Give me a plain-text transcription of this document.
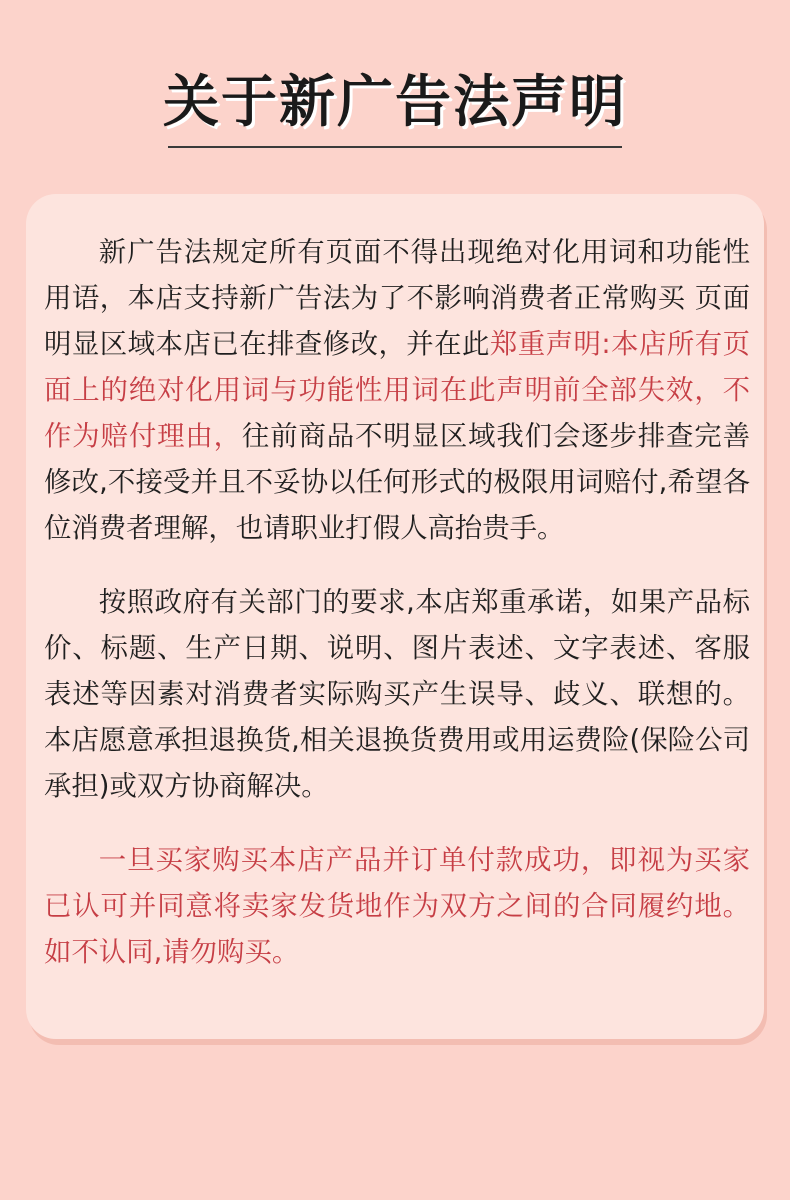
关于新广告法声明

新广告法规定所有页面不得出现绝对化用词和功能性用语，本店支持新广告法为了不影响消费者正常购买 页面明显区域本店已在排查修改，并在此郑重声明:本店所有页面上的绝对化用词与功能性用词在此声明前全部失效，不作为赔付理由，往前商品不明显区域我们会逐步排查完善修改,不接受并且不妥协以任何形式的极限用词赔付,希望各位消费者理解，也请职业打假人高抬贵手。

按照政府有关部门的要求,本店郑重承诺，如果产品标价、标题、生产日期、说明、图片表述、文字表述、客服表述等因素对消费者实际购买产生误导、歧义、联想的。本店愿意承担退换货,相关退换货费用或用运费险(保险公司承担)或双方协商解决。

一旦买家购买本店产品并订单付款成功，即视为买家已认可并同意将卖家发货地作为双方之间的合同履约地。如不认同,请勿购买。
